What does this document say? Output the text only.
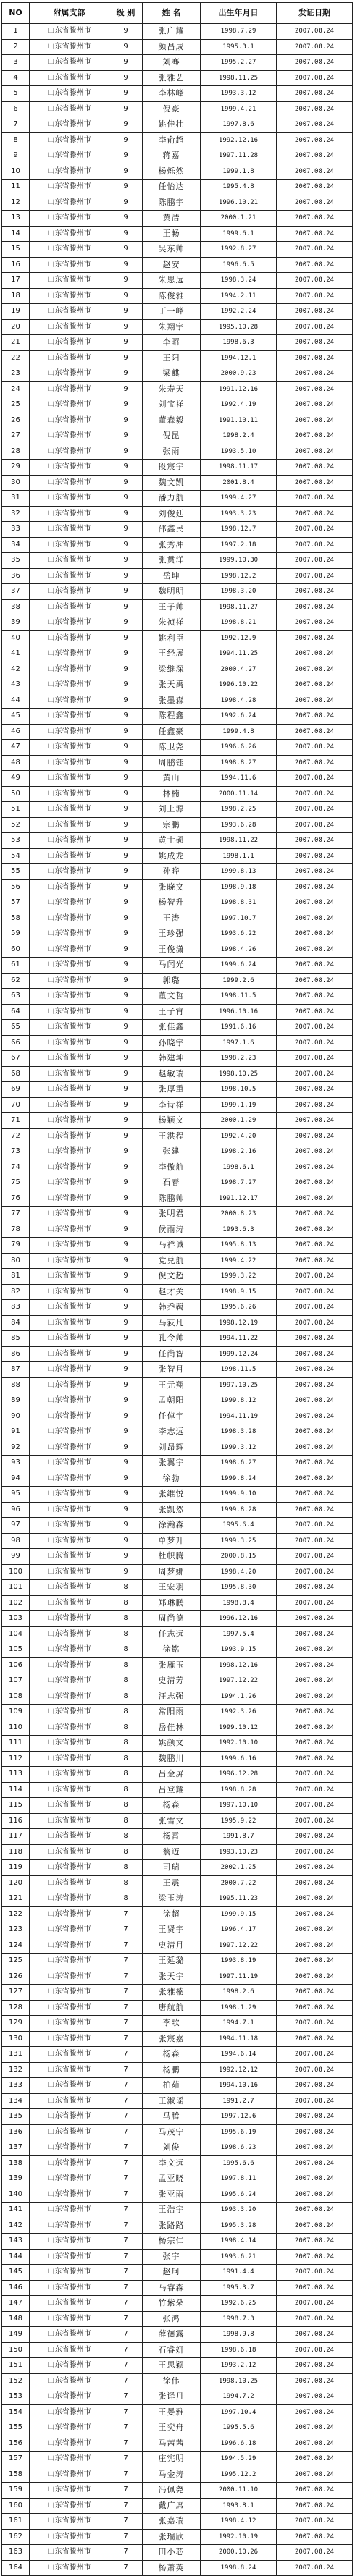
NO	附属支部	级 别	姓 名	出生年月日	发证日期
1	山东省滕州市	9	张广耀	1998.7.29	2007.08.24
2	山东省滕州市	9	颜昌成	1995.3.1	2007.08.24
3	山东省滕州市	9	刘骞	1995.2.27	2007.08.24
4	山东省滕州市	9	张雅艺	1998.11.25	2007.08.24
5	山东省滕州市	9	李林峰	1993.3.12	2007.08.24
6	山东省滕州市	9	倪豪	1999.4.21	2007.08.24
7	山东省滕州市	9	姚佳壮	1997.8.6	2007.08.24
8	山东省滕州市	9	李俞超	1992.12.16	2007.08.24
9	山东省滕州市	9	蒋嘉	1997.11.28	2007.08.24
10	山东省滕州市	9	杨烁然	1999.1.8	2007.08.24
11	山东省滕州市	9	任怡达	1995.4.8	2007.08.24
12	山东省滕州市	9	陈鹏宇	1996.10.21	2007.08.24
13	山东省滕州市	9	黄浩	2000.1.21	2007.08.24
14	山东省滕州市	9	王畅	1999.6.1	2007.08.24
15	山东省滕州市	9	吴东帅	1992.8.27	2007.08.24
16	山东省滕州市	9	赵安	1996.6.5	2007.08.24
17	山东省滕州市	9	朱思远	1998.3.24	2007.08.24
18	山东省滕州市	9	陈俊雅	1994.2.11	2007.08.24
19	山东省滕州市	9	丁一峰	1992.2.24	2007.08.24
20	山东省滕州市	9	朱翔宇	1995.10.28	2007.08.24
21	山东省滕州市	9	李昭	1998.6.3	2007.08.24
22	山东省滕州市	9	王阳	1994.12.1	2007.08.24
23	山东省滕州市	9	梁麒	2000.9.23	2007.08.24
24	山东省滕州市	9	朱寿天	1991.12.16	2007.08.24
25	山东省滕州市	9	刘宝祥	1992.4.19	2007.08.24
26	山东省滕州市	9	董森毅	1991.10.11	2007.08.24
27	山东省滕州市	9	倪昆	1998.2.4	2007.08.24
28	山东省滕州市	9	张雨	1993.5.10	2007.08.24
29	山东省滕州市	9	段宸宇	1998.11.17	2007.08.24
30	山东省滕州市	9	魏文凯	2001.8.4	2007.08.24
31	山东省滕州市	9	潘力航	1999.4.27	2007.08.24
32	山东省滕州市	9	刘俊廷	1993.3.23	2007.08.24
33	山东省滕州市	9	邵鑫民	1998.12.7	2007.08.24
34	山东省滕州市	9	张秀冲	1997.2.18	2007.08.24
35	山东省滕州市	9	张贯洋	1999.10.30	2007.08.24
36	山东省滕州市	9	岳坤	1998.12.2	2007.08.24
37	山东省滕州市	9	魏明明	1998.3.20	2007.08.24
38	山东省滕州市	9	王子帅	1998.11.27	2007.08.24
39	山东省滕州市	9	朱祯祥	1998.8.21	2007.08.24
40	山东省滕州市	9	姚利臣	1992.12.9	2007.08.24
41	山东省滕州市	9	王经展	1994.11.25	2007.08.24
42	山东省滕州市	9	梁继深	2000.4.27	2007.08.24
43	山东省滕州市	9	张天禹	1996.10.22	2007.08.24
44	山东省滕州市	9	张墨森	1998.4.28	2007.08.24
45	山东省滕州市	9	陈程鑫	1992.6.24	2007.08.24
46	山东省滕州市	9	任鑫豪	1999.4.8	2007.08.24
47	山东省滕州市	9	陈卫尧	1996.6.26	2007.08.24
48	山东省滕州市	9	周鹏钰	1998.8.27	2007.08.24
49	山东省滕州市	9	黄山	1994.11.6	2007.08.24
50	山东省滕州市	9	林楠	2000.11.14	2007.08.24
51	山东省滕州市	9	刘上源	1998.2.25	2007.08.24
52	山东省滕州市	9	宗鹏	1993.6.28	2007.08.24
53	山东省滕州市	9	黄士硕	1998.11.22	2007.08.24
54	山东省滕州市	9	姚成龙	1998.1.1	2007.08.24
55	山东省滕州市	9	孙晔	1999.8.13	2007.08.24
56	山东省滕州市	9	张晓文	1998.9.18	2007.08.24
57	山东省滕州市	9	杨智升	1998.8.31	2007.08.24
58	山东省滕州市	9	王涛	1997.10.7	2007.08.24
59	山东省滕州市	9	王珍强	1993.6.22	2007.08.24
60	山东省滕州市	9	王俊潇	1998.4.26	2007.08.24
61	山东省滕州市	9	马闻光	1999.6.24	2007.08.24
62	山东省滕州市	9	郭璐	1999.2.6	2007.08.24
63	山东省滕州市	9	董文哲	1998.11.5	2007.08.24
64	山东省滕州市	9	王子宵	1996.10.16	2007.08.24
65	山东省滕州市	9	张佳鑫	1991.6.16	2007.08.24
66	山东省滕州市	9	孙晓宇	1997.1.6	2007.08.24
67	山东省滕州市	9	韩建坤	1998.2.23	2007.08.24
68	山东省滕州市	9	赵敏瑞	1998.10.25	2007.08.24
69	山东省滕州市	9	张厚重	1998.10.5	2007.08.24
70	山东省滕州市	9	李诗祥	1999.1.19	2007.08.24
71	山东省滕州市	9	杨颖文	2000.1.29	2007.08.24
72	山东省滕州市	9	王洪程	1992.4.20	2007.08.24
73	山东省滕州市	9	张建	1998.2.16	2007.08.24
74	山东省滕州市	9	李傲航	1998.6.1	2007.08.24
75	山东省滕州市	9	石春	1998.7.27	2007.08.24
76	山东省滕州市	9	陈鹏帅	1991.12.17	2007.08.24
77	山东省滕州市	9	张明君	2000.8.23	2007.08.24
78	山东省滕州市	9	侯雨涛	1993.6.3	2007.08.24
79	山东省滕州市	9	马祥诚	1995.8.13	2007.08.24
80	山东省滕州市	9	党兑航	1999.4.22	2007.08.24
81	山东省滕州市	9	倪文超	1999.3.22	2007.08.24
82	山东省滕州市	9	赵才关	1998.9.15	2007.08.24
83	山东省滕州市	9	韩乔羁	1995.6.26	2007.08.24
84	山东省滕州市	9	马荻凡	1998.12.19	2007.08.24
85	山东省滕州市	9	孔令帅	1994.11.22	2007.08.24
86	山东省滕州市	9	任尚智	1999.12.24	2007.08.24
87	山东省滕州市	9	张智月	1998.11.5	2007.08.24
88	山东省滕州市	9	王元翔	1997.10.25	2007.08.24
89	山东省滕州市	9	孟朝阳	1999.8.12	2007.08.24
90	山东省滕州市	9	任倬宇	1994.11.19	2007.08.24
91	山东省滕州市	9	李志远	1998.3.28	2007.08.24
92	山东省滕州市	9	刘昂辉	1999.3.12	2007.08.24
93	山东省滕州市	9	张翼宇	1998.6.27	2007.08.24
94	山东省滕州市	9	徐勃	1999.8.24	2007.08.24
95	山东省滕州市	9	张维悦	1999.9.10	2007.08.24
96	山东省滕州市	9	张凯然	1999.8.28	2007.08.24
97	山东省滕州市	9	徐瀚森	1995.6.4	2007.08.24
98	山东省滕州市	9	单梦升	1999.3.25	2007.08.24
99	山东省滕州市	9	杜帜腾	2000.8.15	2007.08.24
100	山东省滕州市	9	周梦娜	1998.4.20	2007.08.24
101	山东省滕州市	8	王宏羽	1995.8.30	2007.08.24
102	山东省滕州市	8	郑琳鹏	1998.8.4	2007.08.24
103	山东省滕州市	8	周尚德	1996.12.16	2007.08.24
104	山东省滕州市	8	任志远	1997.5.4	2007.08.24
105	山东省滕州市	8	徐铭	1993.9.15	2007.08.24
106	山东省滕州市	8	张雁玉	1998.12.16	2007.08.24
107	山东省滕州市	8	史清芳	1997.12.22	2007.08.24
108	山东省滕州市	8	汪志强	1994.1.26	2007.08.24
109	山东省滕州市	8	常阳雨	1992.3.26	2007.08.24
110	山东省滕州市	8	岳佳林	1999.10.12	2007.08.24
111	山东省滕州市	8	姚颜文	1992.10.10	2007.08.24
112	山东省滕州市	8	魏鹏川	1999.6.16	2007.08.24
113	山东省滕州市	8	吕金屏	1996.12.28	2007.08.24
114	山东省滕州市	8	吕登耀	1998.8.28	2007.08.24
115	山东省滕州市	8	杨森	1997.10.10	2007.08.24
116	山东省滕州市	8	张雪文	1995.9.22	2007.08.24
117	山东省滕州市	8	杨霄	1991.8.7	2007.08.24
118	山东省滕州市	8	翁迈	1993.10.23	2007.08.24
119	山东省滕州市	8	司瑞	2002.1.25	2007.08.24
120	山东省滕州市	8	王震	2000.7.22	2007.08.24
121	山东省滕州市	8	梁玉涛	1995.11.23	2007.08.24
122	山东省滕州市	7	徐超	1999.9.15	2007.08.24
123	山东省滕州市	7	王贤宇	1996.4.17	2007.08.24
124	山东省滕州市	7	史清月	1997.12.22	2007.08.24
125	山东省滕州市	7	王延璐	1993.8.19	2007.08.24
126	山东省滕州市	7	张天宇	1997.11.19	2007.08.24
127	山东省滕州市	7	张雅楠	1998.2.6	2007.08.24
128	山东省滕州市	7	唐航航	1998.1.29	2007.08.24
129	山东省滕州市	7	李歌	1994.7.1	2007.08.24
130	山东省滕州市	7	张宸嘉	1994.11.18	2007.08.24
131	山东省滕州市	7	杨森	1994.6.14	2007.08.24
132	山东省滕州市	7	杨鹏	1992.12.12	2007.08.24
133	山东省滕州市	7	柏茹	1994.10.16	2007.08.24
134	山东省滕州市	7	王淑瑶	1991.2.7	2007.08.24
135	山东省滕州市	7	马腾	1997.12.6	2007.08.24
136	山东省滕州市	7	马茂宁	1995.6.19	2007.08.24
137	山东省滕州市	7	刘俊	1998.6.23	2007.08.24
138	山东省滕州市	7	李文远	1995.6.6	2007.08.24
139	山东省滕州市	7	孟亚晓	1997.8.11	2007.08.24
140	山东省滕州市	7	张亚雨	1995.6.24	2007.08.24
141	山东省滕州市	7	王浩宇	1993.3.20	2007.08.24
142	山东省滕州市	7	张路路	1995.3.28	2007.08.24
143	山东省滕州市	7	杨宗仁	1998.4.14	2007.08.24
144	山东省滕州市	7	张宇	1993.6.21	2007.08.24
145	山东省滕州市	7	赵珂	1991.4.4	2007.08.24
146	山东省滕州市	7	马睿森	1995.3.7	2007.08.24
147	山东省滕州市	7	竹紫朵	1992.6.25	2007.08.24
148	山东省滕州市	7	张鸿	1998.7.3	2007.08.24
149	山东省滕州市	7	薛德露	1998.9.8	2007.08.24
150	山东省滕州市	7	石睿妍	1998.6.18	2007.08.24
151	山东省滕州市	7	王思颖	1993.2.12	2007.08.24
152	山东省滕州市	7	徐伟	1998.10.25	2007.08.24
153	山东省滕州市	7	张译丹	1994.7.2	2007.08.24
154	山东省滕州市	7	王晏雅	1997.10.4	2007.08.24
155	山东省滕州市	7	王奕舟	1995.5.6	2007.08.24
156	山东省滕州市	7	马茜茜	1996.6.18	2007.08.24
157	山东省滕州市	7	庄宪明	1994.5.29	2007.08.24
158	山东省滕州市	7	马金涛	1995.12.2	2007.08.24
159	山东省滕州市	7	冯佩尧	2000.11.10	2007.08.24
160	山东省滕州市	7	戴广席	1993.8.1	2007.08.24
161	山东省滕州市	7	张嘉瑞	1998.4.12	2007.08.24
162	山东省滕州市	7	张瑞欣	1992.10.19	2007.08.24
163	山东省滕州市	7	田小芯	2000.10.26	2007.08.24
164	山东省滕州市	7	杨萧英	1998.8.24	2007.08.24
